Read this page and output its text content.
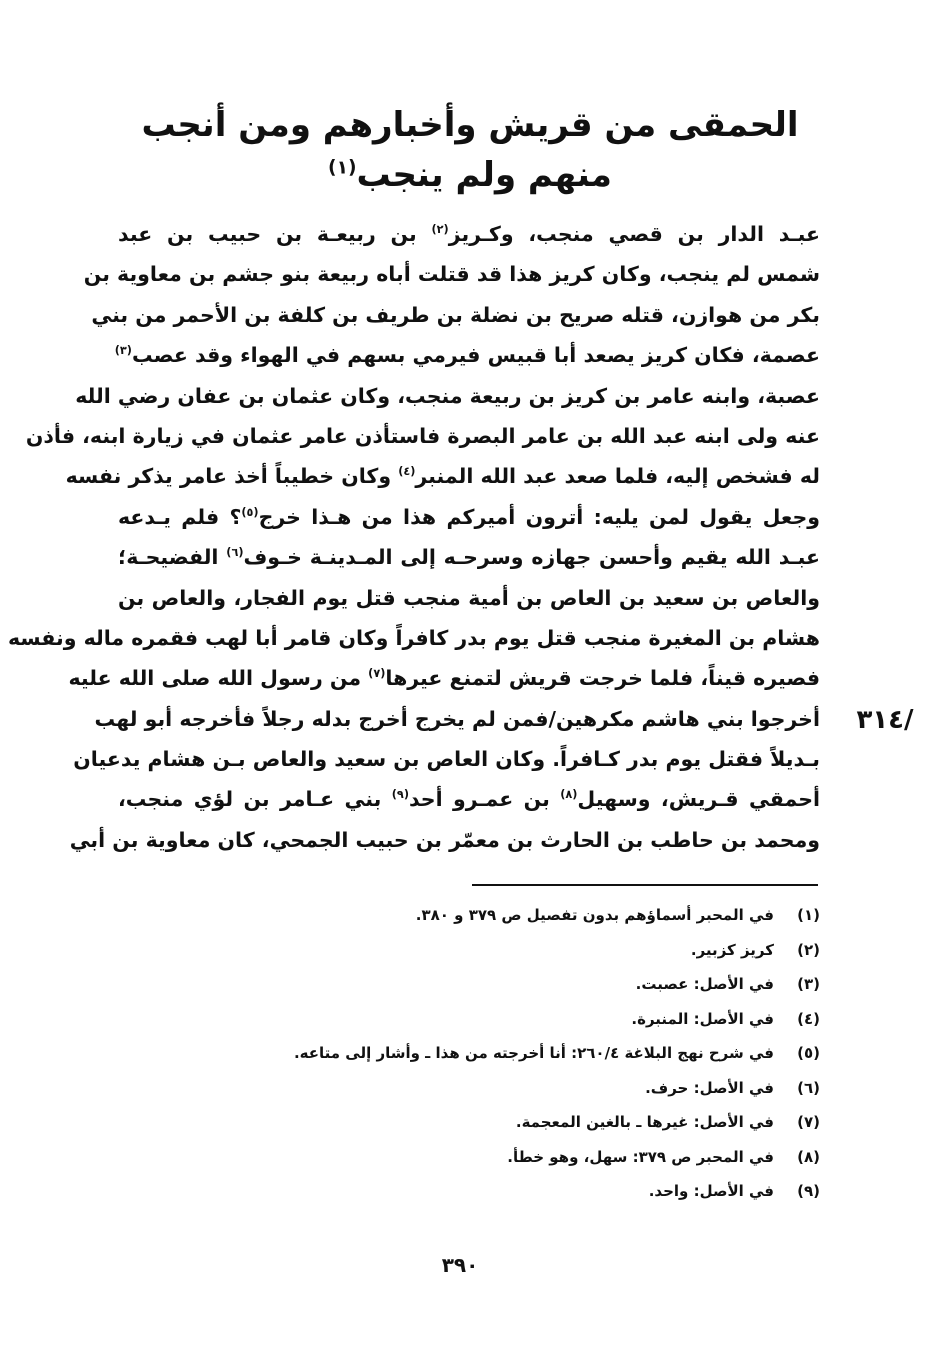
الحمقى من قريش وأخبارهم ومن أنجب
منهم ولم ينجب$^{(١)}$
عبـد الدار بن قصي منجب، وكـريز$^{(٢)}$ بن ربيعـة بن حبيب بن عبد
شمس لم ينجب، وكان كريز هذا قد قتلت أباه ربيعة بنو جشم بن معاوية بن
بكر من هوازن، قتله صريح بن نضلة بن طريف بن كلفة بن الأحمر من بني
عصمة، فكان كريز يصعد أبا قبيس فيرمي بسهم في الهواء وقد عصب$^{(٣)}$
عصبة، وابنه عامر بن كريز بن ربيعة منجب، وكان عثمان بن عفان رضي الله
عنه ولى ابنه عبد الله بن عامر البصرة فاستأذن عامر عثمان في زيارة ابنه، فأذن
له فشخص إليه، فلما صعد عبد الله المنبر$^{(٤)}$ وكان خطيباً أخذ عامر يذكر نفسه
وجعل يقول لمن يليه: أترون أميركم هذا من هـذا خرج$^{(٥)}$؟ فلم يـدعه
عبـد الله يقيم وأحسن جهازه وسرحـه إلى المـدينـة خـوف$^{(٦)}$ الفضيحـة؛
والعاص بن سعيد بن العاص بن أمية منجب قتل يوم الفجار، والعاص بن
هشام بن المغيرة منجب قتل يوم بدر كافراً وكان قامر أبا لهب فقمره ماله ونفسه
فصيره قيناً، فلما خرجت قريش لتمنع عيرها$^{(٧)}$ من رسول الله صلى الله عليه
أخرجوا بني هاشم مكرهين/فمن لم يخرج أخرج بدله رجلاً فأخرجه أبو لهب
بـديلاً فقتل يوم بدر كـافراً. وكان العاص بن سعيد والعاص بـن هشام يدعيان
أحمقي قـريش، وسهيل$^{(٨)}$ بن عمـرو أحد$^{(٩)}$ بني عـامر بن لؤي منجب،
ومحمد بن حاطب بن الحارث بن معمّر بن حبيب الجمحي، كان معاوية بن أبي
/٣١٤
(١)
في المحبر أسماؤهم بدون تفصيل ص ٣٧٩ و ٣٨٠.
(٢)
كريز كزبير.
(٣)
في الأصل: عصبت.
(٤)
في الأصل: المنبرة.
(٥)
في شرح نهج البلاغة ٢٦٠/٤: أنا أخرجته من هذا ـ وأشار إلى متاعه.
(٦)
في الأصل: حرف.
(٧)
في الأصل: غيرها ـ بالغين المعجمة.
(٨)
في المحبر ص ٣٧٩: سهل، وهو خطأ.
(٩)
في الأصل: واحد.
٣٩٠
